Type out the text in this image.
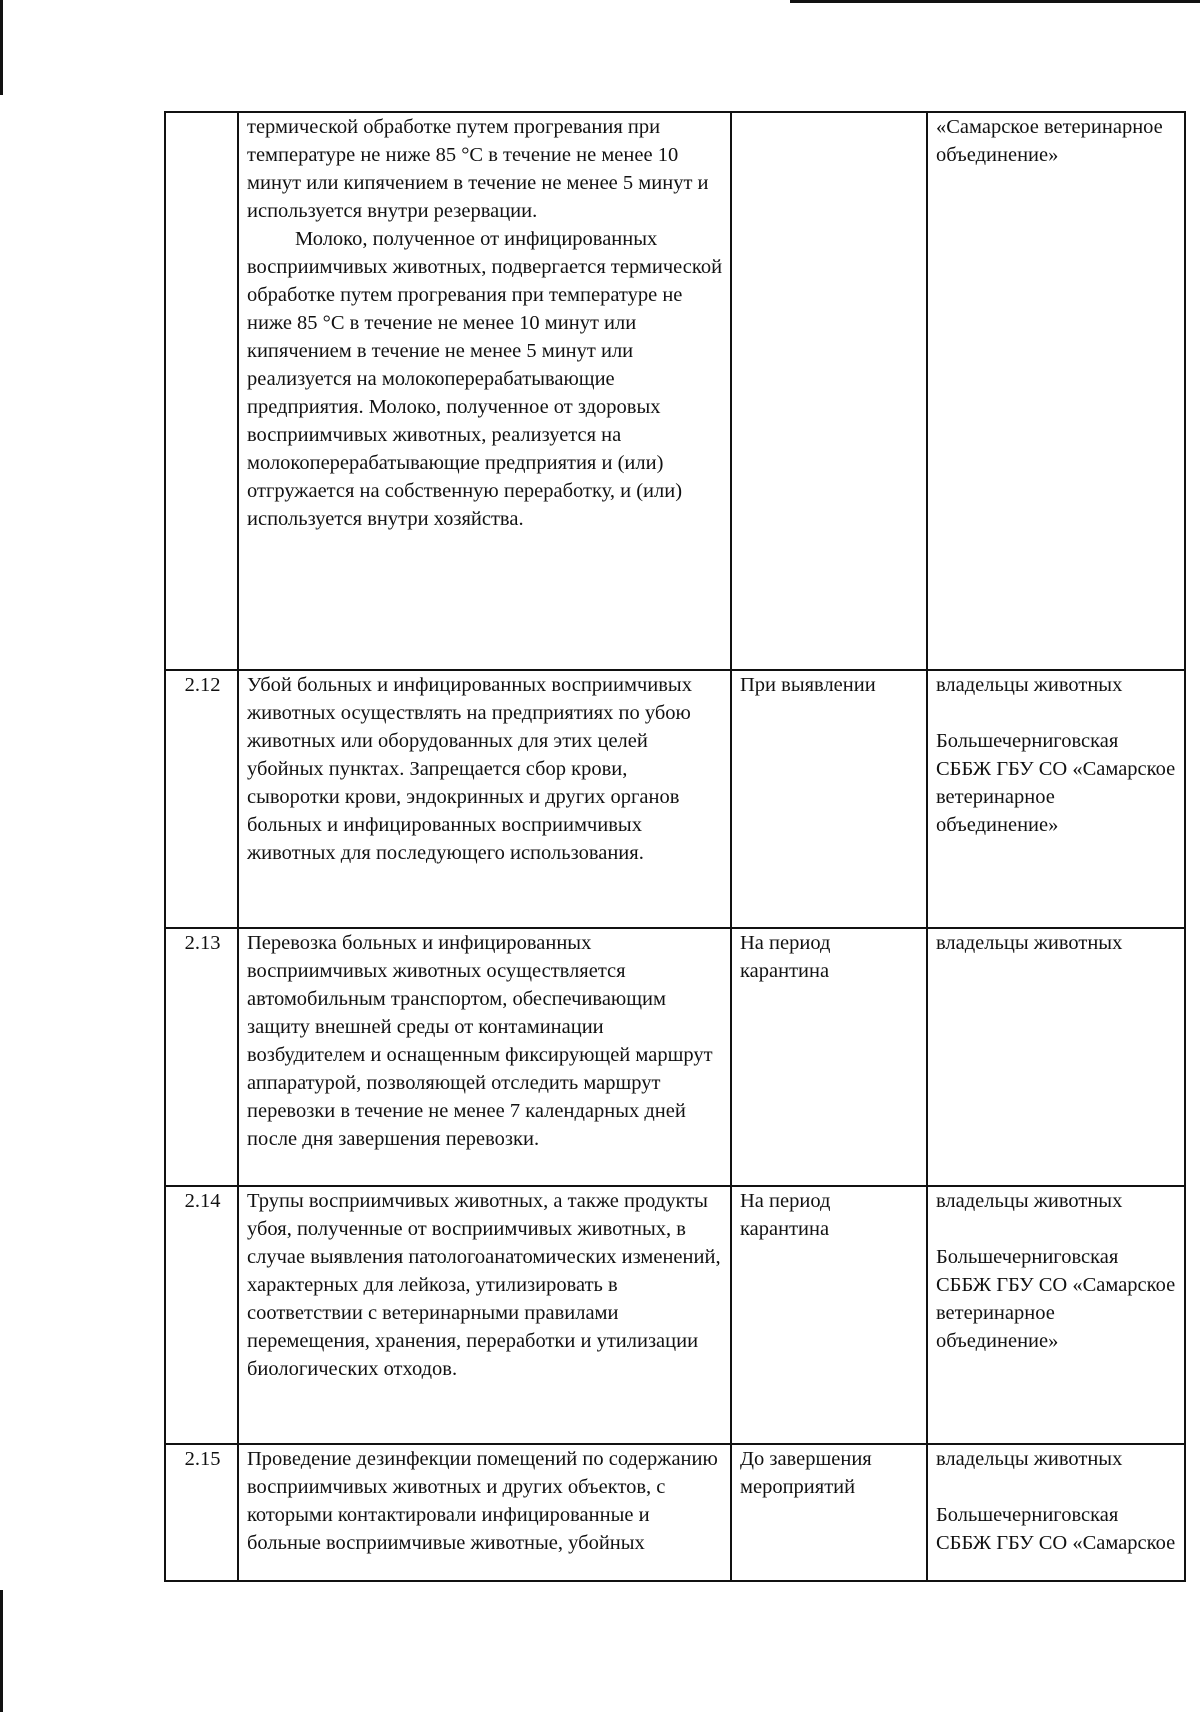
	термической обработке путем прогревания при температуре не ниже 85 °С в течение не менее 10 минут или кипячением в течение не менее 5 минут и используется внутри резервации.

Молоко, полученное от инфицированных восприимчивых животных, подвергается термической обработке путем прогревания при температуре не ниже 85 °С в течение не менее 10 минут или кипячением в течение не менее 5 минут или реализуется на молокоперерабатывающие предприятия. Молоко, полученное от здоровых восприимчивых животных, реализуется на молокоперерабатывающие предприятия и (или) отгружается на собственную переработку, и (или) используется внутри хозяйства.		«Самарское ветеринарное объединение»

2.12	Убой больных и инфицированных восприимчивых животных осуществлять на предприятиях по убою животных или оборудованных для этих целей убойных пунктах. Запрещается сбор крови, сыворотки крови, эндокринных и других органов больных и инфицированных восприимчивых животных для последующего использования.	При выявлении	владельцы животных

Большечерниговская СББЖ ГБУ СО «Самарское ветеринарное объединение»

2.13	Перевозка больных и инфицированных восприимчивых животных осуществляется автомобильным транспортом, обеспечивающим защиту внешней среды от контаминации возбудителем и оснащенным фиксирующей маршрут аппаратурой, позволяющей отследить маршрут перевозки в течение не менее 7 календарных дней после дня завершения перевозки.	На период карантина	владельцы животных

2.14	Трупы восприимчивых животных, а также продукты убоя, полученные от восприимчивых животных, в случае выявления патологоанатомических изменений, характерных для лейкоза, утилизировать в соответствии с ветеринарными правилами перемещения, хранения, переработки и утилизации биологических отходов.	На период карантина	владельцы животных

Большечерниговская СББЖ ГБУ СО «Самарское ветеринарное объединение»

2.15	Проведение дезинфекции помещений по содержанию восприимчивых животных и других объектов, с которыми контактировали инфицированные и больные восприимчивые животные, убойных	До завершения мероприятий	владельцы животных

Большечерниговская СББЖ ГБУ СО «Самарское
